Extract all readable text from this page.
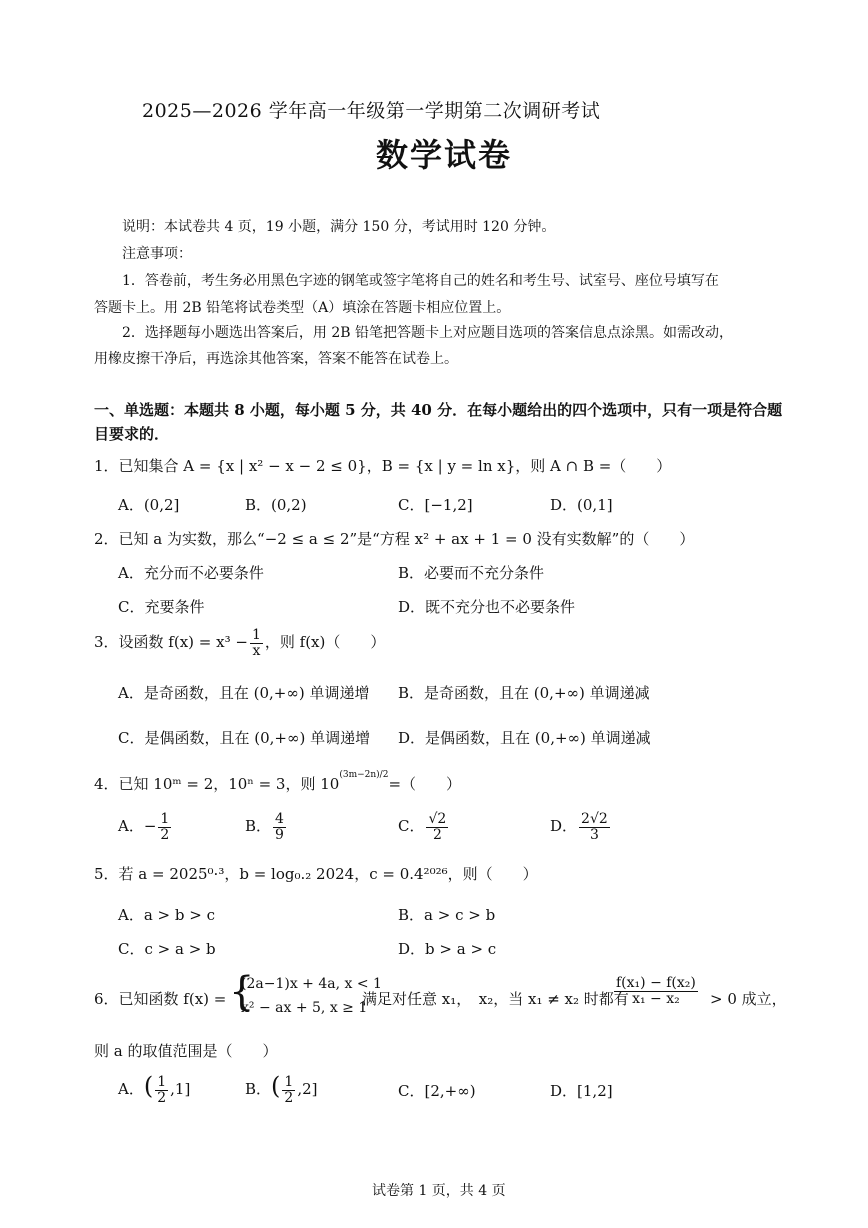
2025—2026 学年高一年级第一学期第二次调研考试
数学试卷
说明：本试卷共 4 页，19 小题，满分 150 分，考试用时 120 分钟。
注意事项：
1．答卷前，考生务必用黑色字迹的钢笔或签字笔将自己的姓名和考生号、试室号、座位号填写在
答题卡上。用 2B 铅笔将试卷类型（A）填涂在答题卡相应位置上。
2．选择题每小题选出答案后，用 2B 铅笔把答题卡上对应题目选项的答案信息点涂黑。如需改动，
用橡皮擦干净后，再选涂其他答案，答案不能答在试卷上。
一、单选题：本题共 8 小题，每小题 5 分，共 40 分．在每小题给出的四个选项中，只有一项是符合题
目要求的．
1．已知集合 A = {x | x² − x − 2 ≤ 0}，B = {x | y = ln x}，则 A ∩ B =（　　）
A．(0,2]	B．(0,2)	C．[−1,2]	D．(0,1]
2．已知 a 为实数，那么“−2 ≤ a ≤ 2”是“方程 x² + ax + 1 = 0 没有实数解”的（　　）
A．充分而不必要条件	B．必要而不充分条件
C．充要条件	D．既不充分也不必要条件
3．设函数 $f(x) = x^3 - \frac{1}{x}$ ，则 f(x)（　　）
A．是奇函数，且在 (0,+∞) 单调递增 B．是奇函数，且在 (0,+∞) 单调递减
C．是偶函数，且在 (0,+∞) 单调递增 D．是偶函数，且在 (0,+∞) 单调递减
4．已知 10ᵐ = 2，10ⁿ = 3，则 $10^{(3m-2n)/2}=$（　　）
A．− $\frac{1}{2}$	B． $\frac{4}{9}$	C． $\frac{√2}{2}$	D． $\frac{2√2}{3}$
5．若 a = 2025⁰·³，b = log₀.₂ 2024，c = 0.4²⁰²⁶，则（　　）
A．a > b > c	B．a > c > b
C．c > a > b	D．b > a > c
6．已知函数 f(x) = {
(2a−1)x + 4a, x < 1
x² − ax + 5, x ≥ 1
满足对任意 x₁，　x₂，当 x₁ ≠ x₂ 时都有
$\frac{\text{f(x₁) − f(x₂)}}{\text{x₁ − x₂}} > 0$ 成立，
则 a 的取值范围是（　　）
A．( $\frac{1}{2} ,1$]	B．( $\frac{1}{2} ,2$]	C．[2,+∞)	D．[1,2]
试卷第 1 页，共 4 页
